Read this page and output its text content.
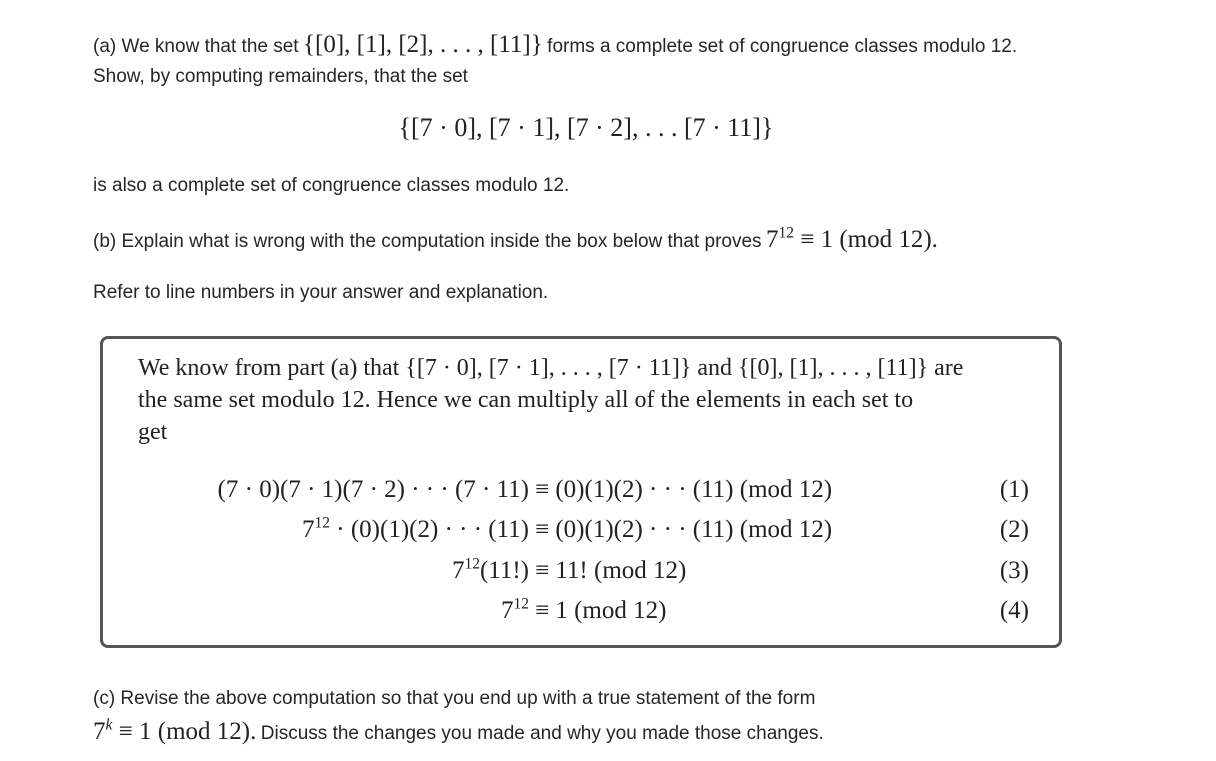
(a) We know that the set {[0], [1], [2], . . . , [11]} forms a complete set of congruence classes modulo 12.
Show, by computing remainders, that the set
{[7 · 0], [7 · 1], [7 · 2], . . . [7 · 11]}
is also a complete set of congruence classes modulo 12.
(b) Explain what is wrong with the computation inside the box below that proves $7^{12} \equiv 1$ (mod 12).
Refer to line numbers in your answer and explanation.
We know from part (a) that {[7 · 0], [7 · 1], . . . , [7 · 11]} and {[0], [1], . . . , [11]} are
the same set modulo 12. Hence we can multiply all of the elements in each set to
get
(7 · 0)(7 · 1)(7 · 2) · · · (7 · 11) ≡ (0)(1)(2) · · · (11) (mod 12)	(1)
$7^{12} \cdot (0)(1)(2)$ · · · (11) ≡ (0)(1)(2) · · · (11) (mod 12)	(2)
$7^{12}(11!) \equiv 11$! (mod 12)	(3)
$7^{12} \equiv 1$ (mod 12)	(4)
(c) Revise the above computation so that you end up with a true statement of the form
$7^k \equiv 1$ (mod 12). Discuss the changes you made and why you made those changes.
